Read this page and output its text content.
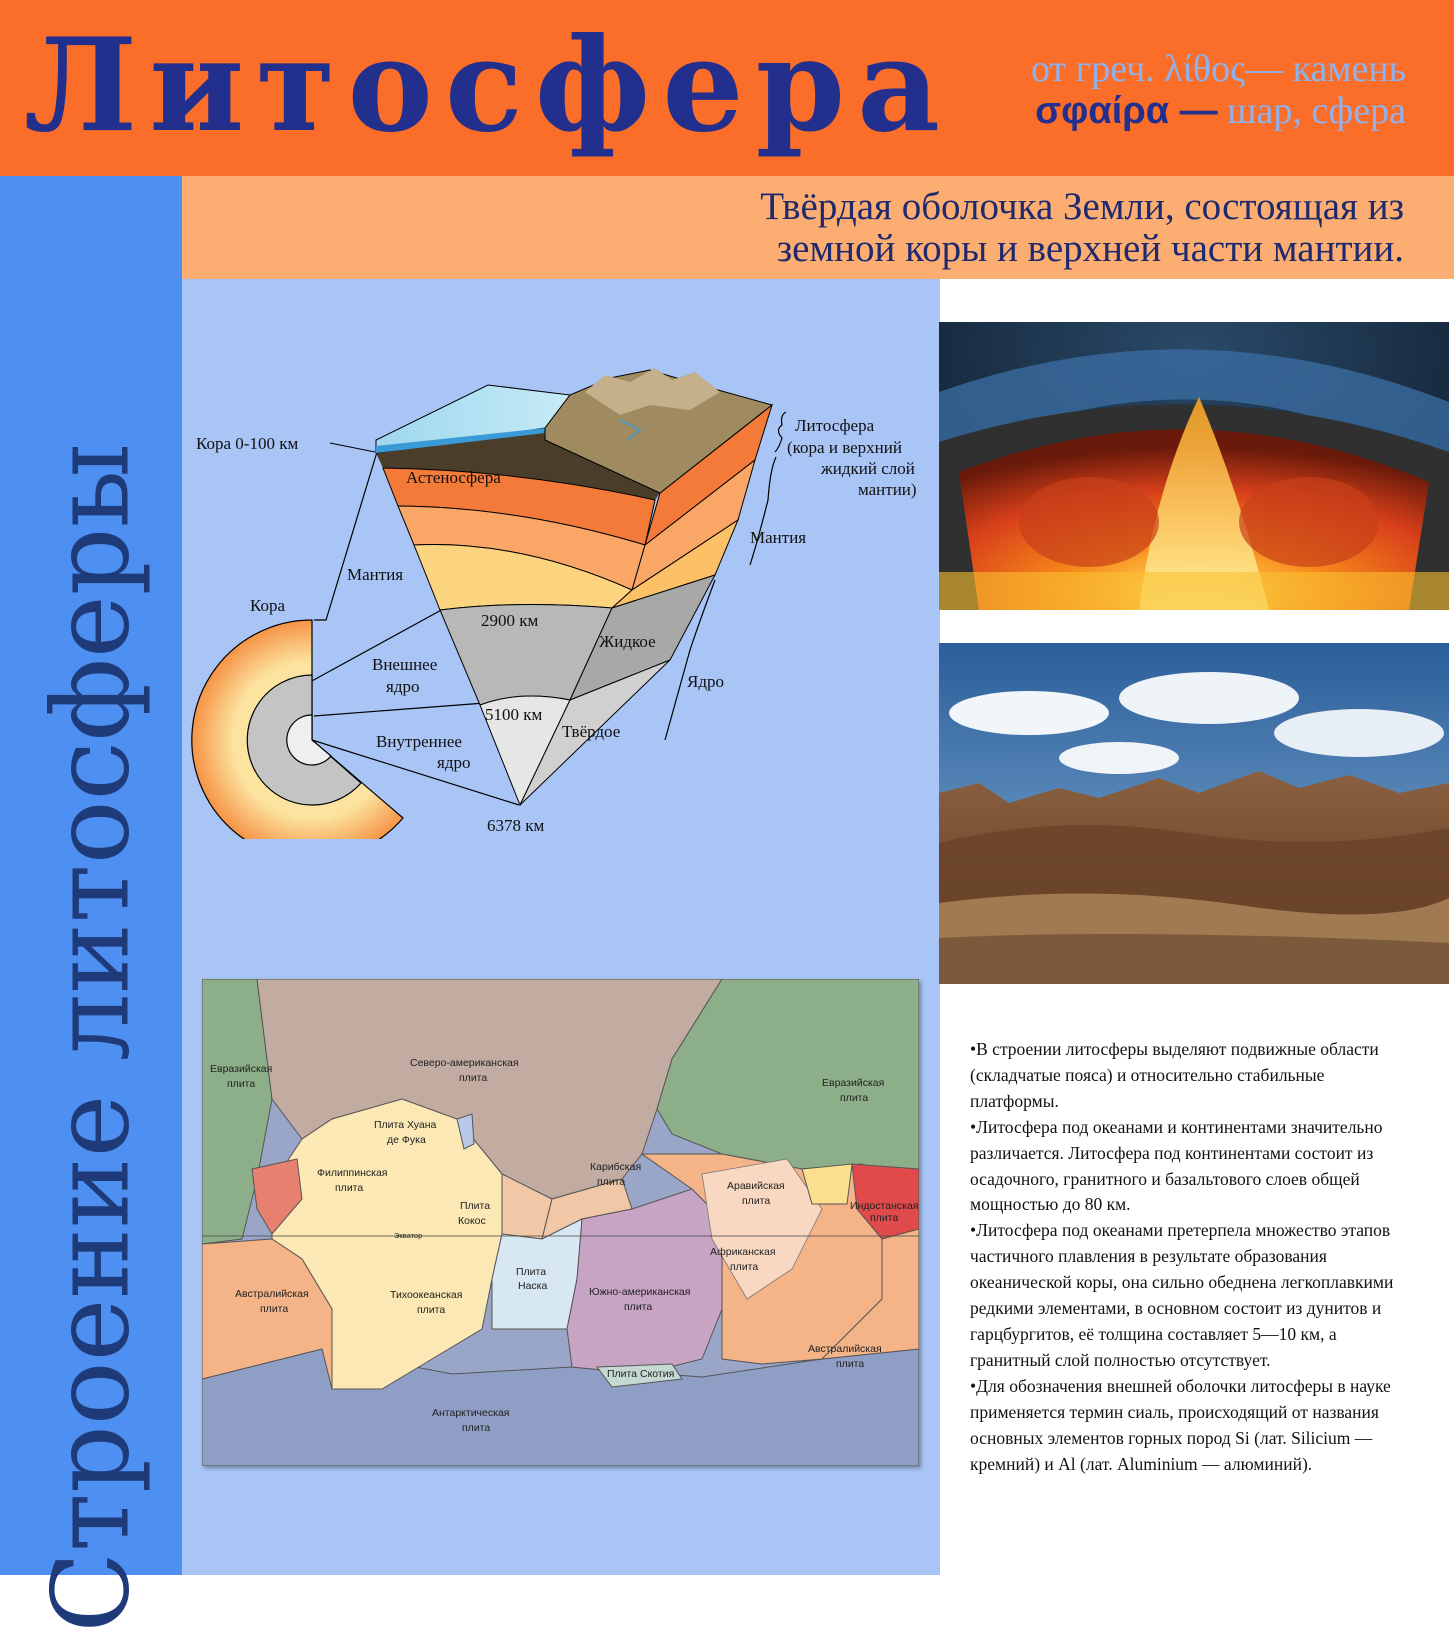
Литосфера от греч. λίθος— камень
σφαίρα — шар, сфера
Строение литосферы
Твёрдая оболочка Земли, состоящая из
земной коры и верхней части мантии.
Кора 0-100 км
Астеносфера
Литосфера
(кора и верхний
жидкий слой
мантии)
Мантия
Мантия
Кора
2900 км
Жидкое
Внешнее
ядро	Ядро
5100 км
Твёрдое
Внутреннее
ядро
6378 км
Евразийская
плита
Северо-американская
плита	Евразийская
плита
Плита Хуана
де Фука
Филиппинская
плита
Карибская
плита	Аравийская
плита	Индостанская
плита
Плита
Кокос
Экватор
Африканская
плита
Плита
Наска
Австралийская
плита
Тихоокеанская
плита
Южно-американская
плита
Австралийская
плита
Плита Скотия
Антарктическая
плита

•В строении литосферы выделяют подвижные области (складчатые пояса) и относительно стабильные платформы.

•Литосфера под океанами и континентами значительно различается. Литосфера под континентами состоит из осадочного, гранитного и базальтового слоев общей мощностью до 80 км.

•Литосфера под океанами претерпела множество этапов частичного плавления в результате образования океанической коры, она сильно обеднена легкоплавкими редкими элементами, в основном состоит из дунитов и гарцбургитов, её толщина составляет 5—10 км, а гранитный слой полностью отсутствует.

•Для обозначения внешней оболочки литосферы в науке применяется термин сиаль, происходящий от названия основных элементов горных пород Si (лат. Silicium — кремний) и Al (лат. Aluminium — алюминий).
